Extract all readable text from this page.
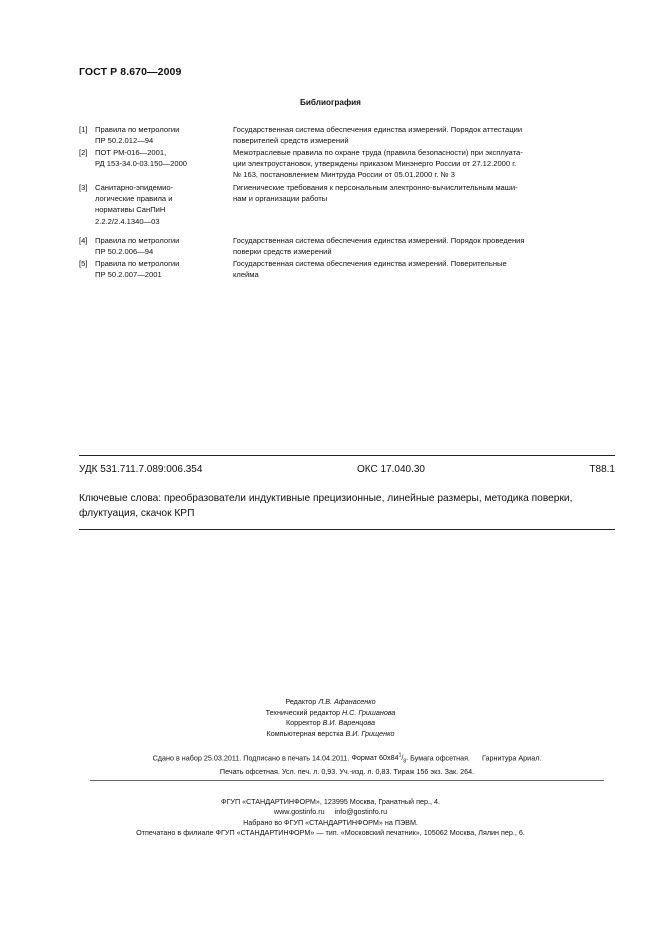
ГОСТ Р 8.670—2009
Библиография
[1] Правила по метрологии
ПР 50.2.012—94
Государственная система обеспечения единства измерений. Порядок аттестации
поверителей средств измерений
[2] ПОТ РМ-016—2001,
РД 153-34.0-03.150—2000
Межотраслевые правила по охране труда (правила безопасности) при эксплуата-
ции электроустановок, утверждены приказом Минэнерго России от 27.12.2000 г.
№ 163, постановлением Минтруда России от 05.01.2000 г. № 3
[3] Санитарно-эпидемио-
логические правила и
нормативы СанПиН
2.2.2/2.4.1340—03
Гигиенические требования к персональным электронно-вычислительным маши-
нам и организации работы
[4] Правила по метрологии
ПР 50.2.006—94
Государственная система обеспечения единства измерений. Порядок проведения
поверки средств измерений
[5] Правила по метрологии
ПР 50.2.007—2001
Государственная система обеспечения единства измерений. Поверительные
клейма
УДК 531.711.7.089:006.354	ОКС 17.040.30	Т88.1
Ключевые слова: преобразователи индуктивные прецизионные, линейные размеры, методика поверки,
флуктуация, скачок КРП
Редактор Л.В. Афанасенко
Технический редактор Н.С. Гришанова
Корректор В.И. Варенцова
Компьютерная верстка В.И. Грищенко
Сдано в набор 25.03.2011. Подписано в печать 14.04.2011. Формат $60х84^1/_8$. Бумага офсетная. Гарнитура Ариал.
Печать офсетная. Усл. печ. л. 0,93. Уч.-изд. л. 0,83. Тираж 156 экз. Зак. 264.
ФГУП «СТАНДАРТИНФОРМ», 123995 Москва, Гранатный пер., 4.
www.gostinfo.ru info@gostinfo.ru
Набрано во ФГУП «СТАНДАРТИНФОРМ» на ПЭВМ.
Отпечатано в филиале ФГУП «СТАНДАРТИНФОРМ» — тип. «Московский печатник», 105062 Москва, Лялин пер., 6.
